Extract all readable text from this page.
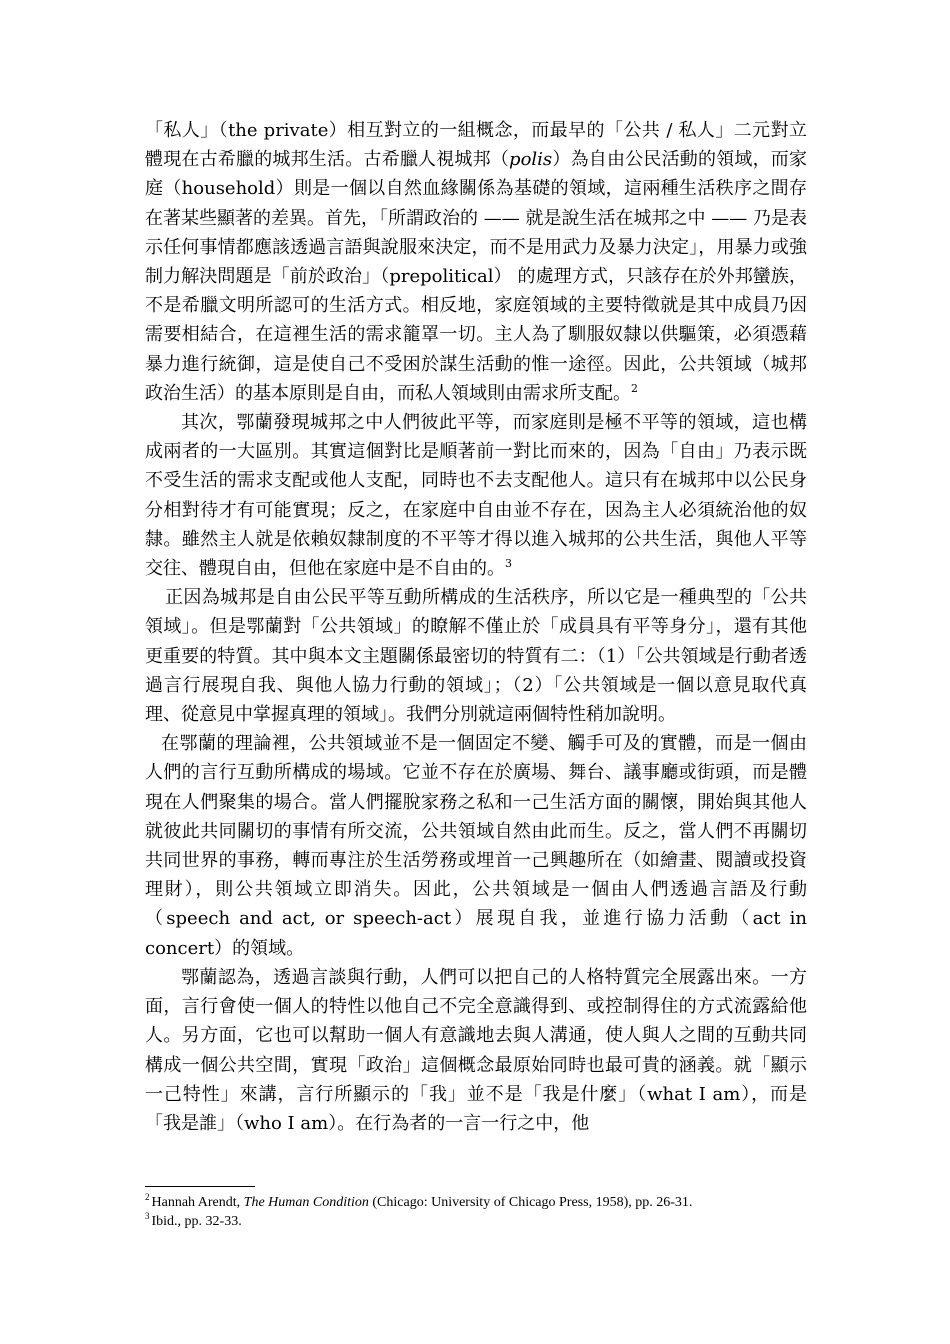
「私人」（the private）相互對立的一組概念，而最早的「公共 / 私人」二元對立體現在古希臘的城邦生活。古希臘人視城邦（polis）為自由公民活動的領域，而家庭（household）則是一個以自然血緣關係為基礎的領域，這兩種生活秩序之間存在著某些顯著的差異。首先，「所謂政治的 —— 就是說生活在城邦之中 —— 乃是表示任何事情都應該透過言語與說服來決定，而不是用武力及暴力決定」，用暴力或強制力解決問題是「前於政治」（prepolitical） 的處理方式，只該存在於外邦蠻族，不是希臘文明所認可的生活方式。相反地，家庭領域的主要特徵就是其中成員乃因需要相結合，在這裡生活的需求籠罩一切。主人為了馴服奴隸以供驅策，必須憑藉暴力進行統御，這是使自己不受困於謀生活動的惟一途徑。因此，公共領域（城邦政治生活）的基本原則是自由，而私人領域則由需求所支配。$^2$

其次，鄂蘭發現城邦之中人們彼此平等，而家庭則是極不平等的領域，這也構成兩者的一大區別。其實這個對比是順著前一對比而來的，因為「自由」乃表示既不受生活的需求支配或他人支配，同時也不去支配他人。這只有在城邦中以公民身分相對待才有可能實現；反之，在家庭中自由並不存在，因為主人必須統治他的奴隸。雖然主人就是依賴奴隸制度的不平等才得以進入城邦的公共生活，與他人平等交往、體現自由，但他在家庭中是不自由的。$^3$

正因為城邦是自由公民平等互動所構成的生活秩序，所以它是一種典型的「公共領域」。但是鄂蘭對「公共領域」的瞭解不僅止於「成員具有平等身分」，還有其他更重要的特質。其中與本文主題關係最密切的特質有二：（1）「公共領域是行動者透過言行展現自我、與他人協力行動的領域」；（2）「公共領域是一個以意見取代真理、從意見中掌握真理的領域」。我們分別就這兩個特性稍加說明。

在鄂蘭的理論裡，公共領域並不是一個固定不變、觸手可及的實體，而是一個由人們的言行互動所構成的場域。它並不存在於廣場、舞台、議事廳或街頭，而是體現在人們聚集的場合。當人們擺脫家務之私和一己生活方面的關懷，開始與其他人就彼此共同關切的事情有所交流，公共領域自然由此而生。反之，當人們不再關切共同世界的事務，轉而專注於生活勞務或埋首一己興趣所在（如繪畫、閱讀或投資理財），則公共領域立即消失。因此，公共領域是一個由人們透過言語及行動（speech and act, or speech-act）展現自我，並進行協力活動（act in concert）的領域。

鄂蘭認為，透過言談與行動，人們可以把自己的人格特質完全展露出來。一方面，言行會使一個人的特性以他自己不完全意識得到、或控制得住的方式流露給他人。另方面，它也可以幫助一個人有意識地去與人溝通，使人與人之間的互動共同構成一個公共空間，實現「政治」這個概念最原始同時也最可貴的涵義。就「顯示一己特性」來講，言行所顯示的「我」並不是「我是什麼」（what I am），而是「我是誰」（who I am）。在行為者的一言一行之中，他

$^2$ Hannah Arendt, The Human Condition (Chicago: University of Chicago Press, 1958), pp. 26-31.

$^3$ Ibid., pp. 32-33.
